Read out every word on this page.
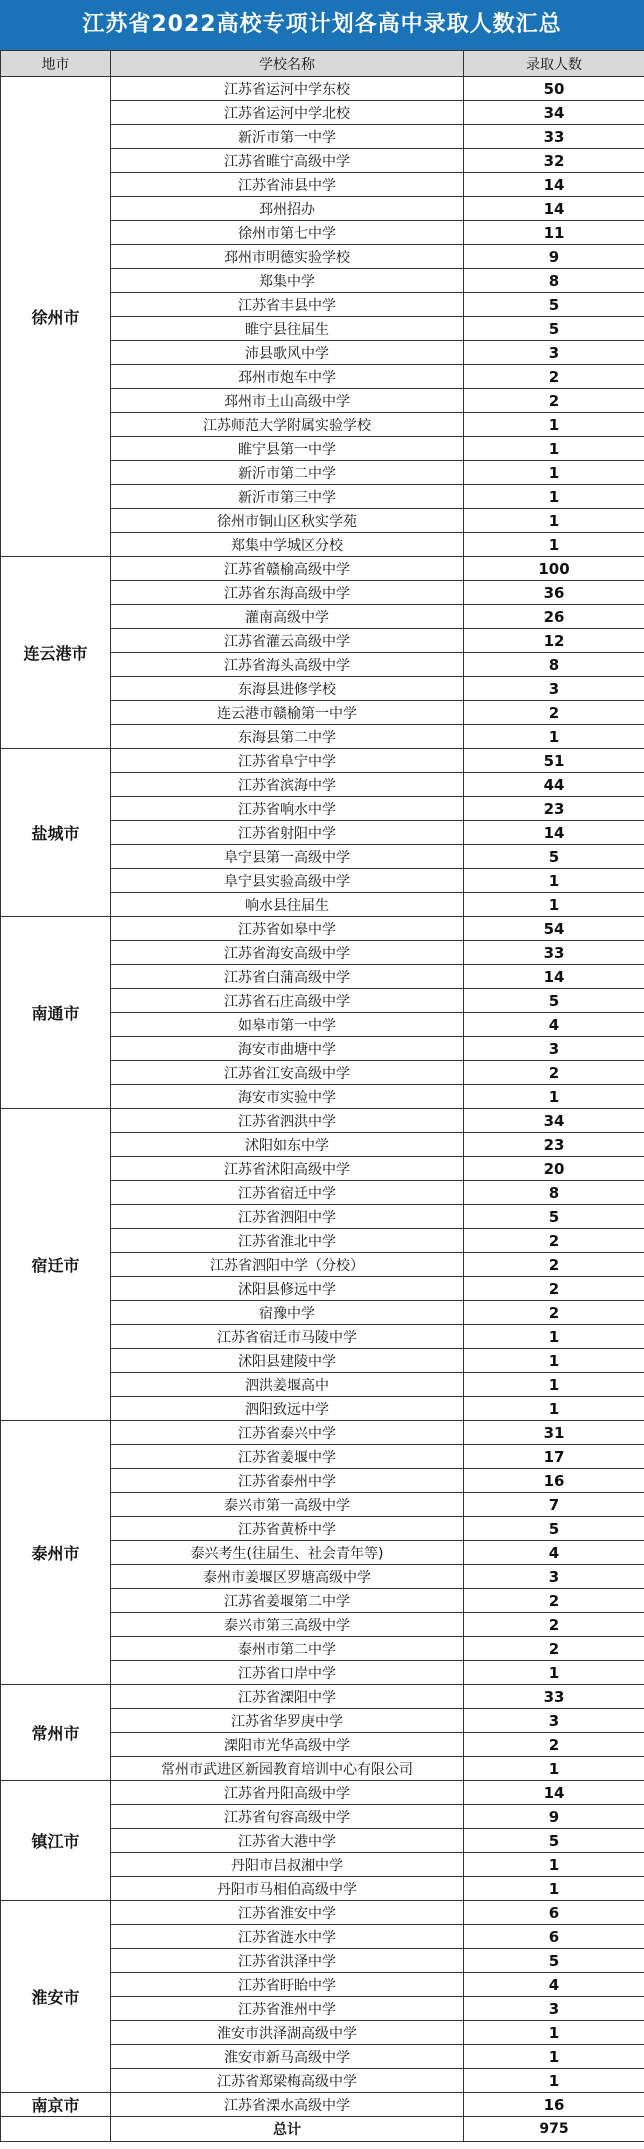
江苏省2022高校专项计划各高中录取人数汇总
地市	学校名称	录取人数
徐州市	江苏省运河中学东校	50
	江苏省运河中学北校	34
	新沂市第一中学	33
	江苏省睢宁高级中学	32
	江苏省沛县中学	14
	邳州招办	14
	徐州市第七中学	11
	邳州市明德实验学校	9
	郑集中学	8
	江苏省丰县中学	5
	睢宁县往届生	5
	沛县歌风中学	3
	邳州市炮车中学	2
	邳州市土山高级中学	2
	江苏师范大学附属实验学校	1
	睢宁县第一中学	1
	新沂市第二中学	1
	新沂市第三中学	1
	徐州市铜山区秋实学苑	1
	郑集中学城区分校	1
连云港市	江苏省赣榆高级中学	100
	江苏省东海高级中学	36
	灌南高级中学	26
	江苏省灌云高级中学	12
	江苏省海头高级中学	8
	东海县进修学校	3
	连云港市赣榆第一中学	2
	东海县第二中学	1
盐城市	江苏省阜宁中学	51
	江苏省滨海中学	44
	江苏省响水中学	23
	江苏省射阳中学	14
	阜宁县第一高级中学	5
	阜宁县实验高级中学	1
	响水县往届生	1
南通市	江苏省如皋中学	54
	江苏省海安高级中学	33
	江苏省白蒲高级中学	14
	江苏省石庄高级中学	5
	如皋市第一中学	4
	海安市曲塘中学	3
	江苏省江安高级中学	2
	海安市实验中学	1
宿迁市	江苏省泗洪中学	34
	沭阳如东中学	23
	江苏省沭阳高级中学	20
	江苏省宿迁中学	8
	江苏省泗阳中学	5
	江苏省淮北中学	2
	江苏省泗阳中学（分校）	2
	沭阳县修远中学	2
	宿豫中学	2
	江苏省宿迁市马陵中学	1
	沭阳县建陵中学	1
	泗洪姜堰高中	1
	泗阳致远中学	1
泰州市	江苏省泰兴中学	31
	江苏省姜堰中学	17
	江苏省泰州中学	16
	泰兴市第一高级中学	7
	江苏省黄桥中学	5
	泰兴考生(往届生、社会青年等)	4
	泰州市姜堰区罗塘高级中学	3
	江苏省姜堰第二中学	2
	泰兴市第三高级中学	2
	泰州市第二中学	2
	江苏省口岸中学	1
常州市	江苏省溧阳中学	33
	江苏省华罗庚中学	3
	溧阳市光华高级中学	2
	常州市武进区新园教育培训中心有限公司	1
镇江市	江苏省丹阳高级中学	14
	江苏省句容高级中学	9
	江苏省大港中学	5
	丹阳市吕叔湘中学	1
	丹阳市马相伯高级中学	1
淮安市	江苏省淮安中学	6
	江苏省涟水中学	6
	江苏省洪泽中学	5
	江苏省盱眙中学	4
	江苏省淮州中学	3
	淮安市洪泽湖高级中学	1
	淮安市新马高级中学	1
	江苏省郑梁梅高级中学	1
南京市	江苏省溧水高级中学	16
	总计	975
